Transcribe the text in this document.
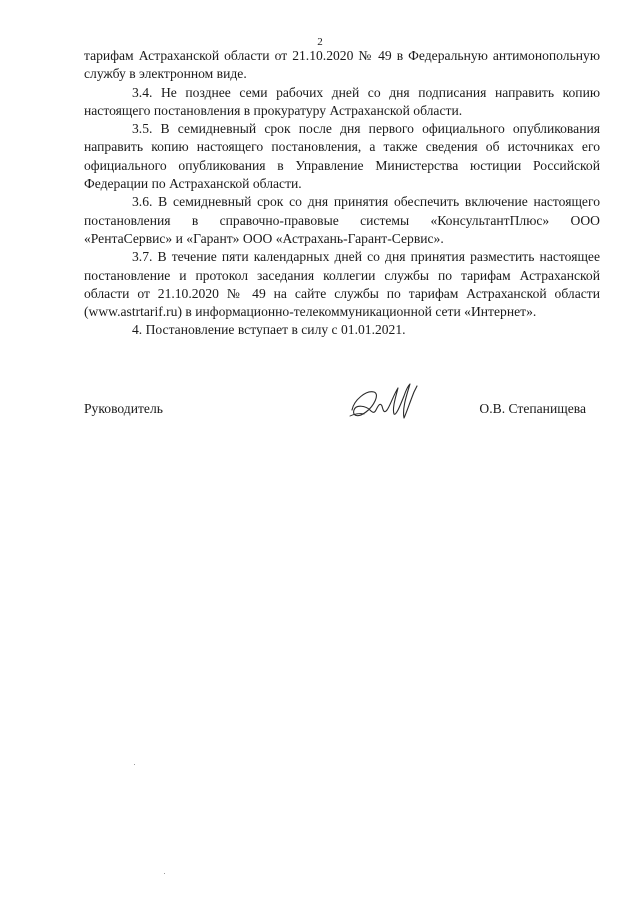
2

тарифам Астраханской области от 21.10.2020 № 49 в Федеральную антимонопольную службу в электронном виде.

3.4. Не позднее семи рабочих дней со дня подписания направить копию настоящего постановления в прокуратуру Астраханской области.

3.5. В семидневный срок после дня первого официального опубликования направить копию настоящего постановления, а также сведения об источниках его официального опубликования в Управление Министерства юстиции Российской Федерации по Астраханской области.

3.6. В семидневный срок со дня принятия обеспечить включение настоящего постановления в справочно-правовые системы «КонсультантПлюс» ООО «РентаСервис» и «Гарант» ООО «Астрахань-Гарант-Сервис».

3.7. В течение пяти календарных дней со дня принятия разместить настоящее постановление и протокол заседания коллегии службы по тарифам Астраханской области от 21.10.2020 № 49 на сайте службы по тарифам Астраханской области (www.astrtarif.ru) в информационно-телекоммуникационной сети «Интернет».

4. Постановление вступает в силу с 01.01.2021.

Руководитель	О.В. Степанищева
